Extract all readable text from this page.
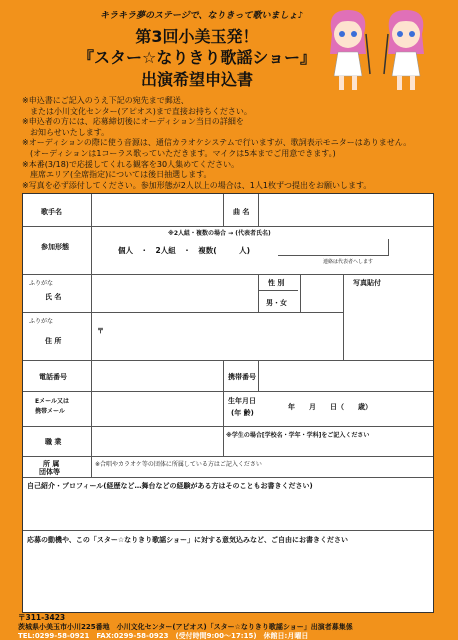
キラキラ夢のステージで、なりきって歌いましょ♪
第3回小美玉発！
『スター☆なりきり歌謡ショー』
出演希望申込書
※申込書にご記入のうえ下記の宛先まで郵送、
　または小川文化センター(アピオス)まで直接お持ちください。
※申込者の方には、応募締切後にオーディション当日の詳細を
　お知らせいたします。
※オーディションの際に使う音源は、通信カラオケシステムで行いますが、歌詞表示モニターはありません。
　(オーディションは1コーラス歌っていただきます。マイクは5本までご用意できます。)
※本番(3/18)で応援してくれる観客を30人集めてください。
　座席エリア(全席指定)については後日抽選します。
※写真を必ず添付してください。参加形態が2人以上の場合は、1人1枚ずつ提出をお願いします。
歌手名	曲 名
参加形態
※2人組・複数の場合 → (代表者氏名)
個人　・　2人組　・　複数(　　　人)
連絡は代表者へします
ふりがな
氏 名
性 別
男・女
写真貼付
ふりがな
住 所
〒
電話番号	携帯番号
Eメール又は
携帯メール
生年月日
(年 齢)
年　　月　　日（　　歳）
職 業
※学生の場合[学校名・学年・学科]をご記入ください
所 属
団体等
※合唱やカラオケ等の団体に所属している方はご記入ください
自己紹介・プロフィール(経歴など…舞台などの経験がある方はそのこともお書きください)
応募の動機や、この「スター☆なりきり歌謡ショー」に対する意気込みなど、ご自由にお書きください
〒311-3423
茨城県小美玉市小川225番地　小川文化センター(アピオス)「スター☆なりきり歌謡ショー」出演者募集係
TEL:0299-58-0921　FAX:0299-58-0923　(受付時間9:00〜17:15)　休館日:月曜日
